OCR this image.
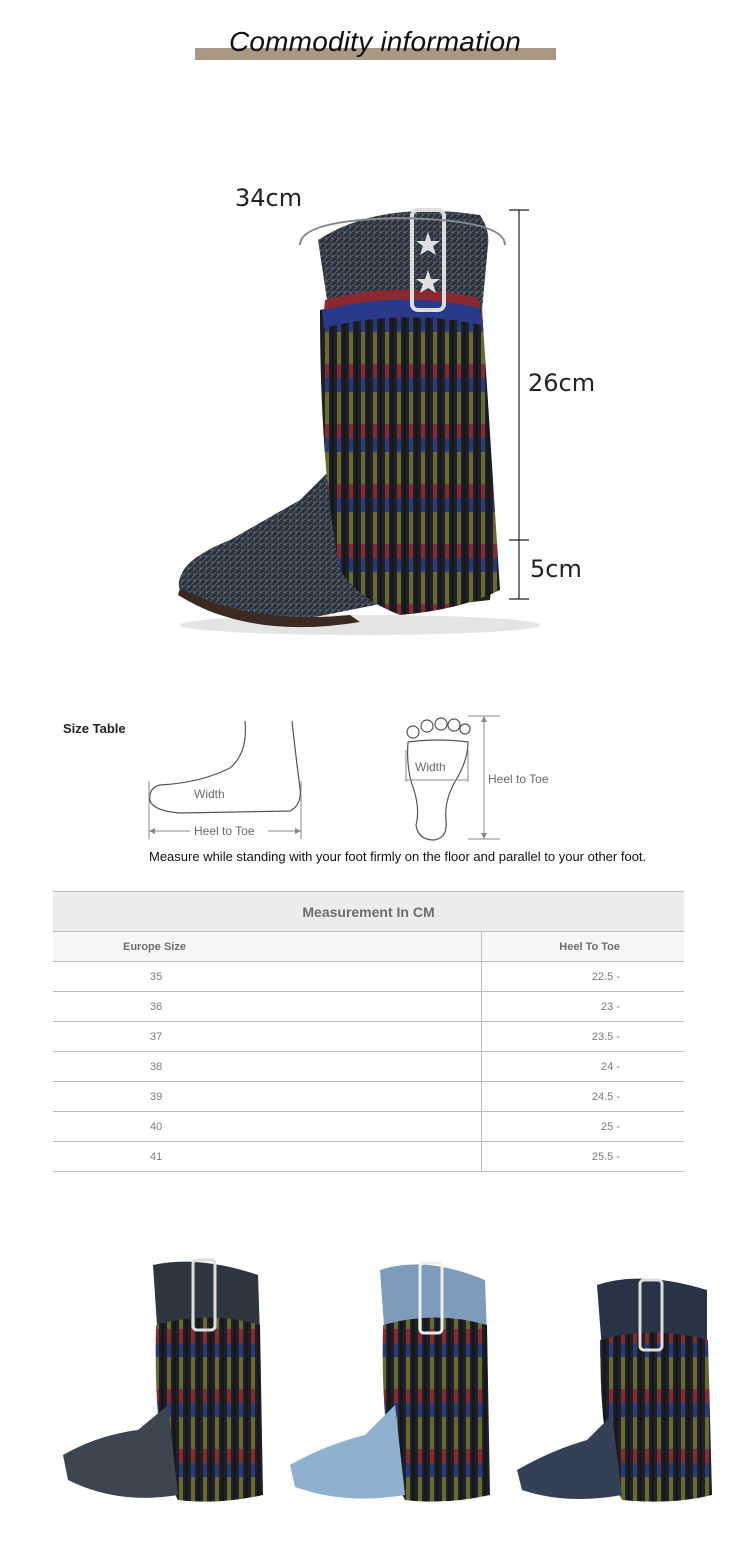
Commodity information
34cm
26cm
5cm
Size Table
Width
Heel to Toe
Width
Heel to Toe
Measure while standing with your foot firmly on the floor and parallel to your other foot.
Measurement In CM	
Europe Size	Heel To Toe
35	22.5 -
36	23 -
37	23.5 -
38	24 -
39	24.5 -
40	25 -
41	25.5 -
